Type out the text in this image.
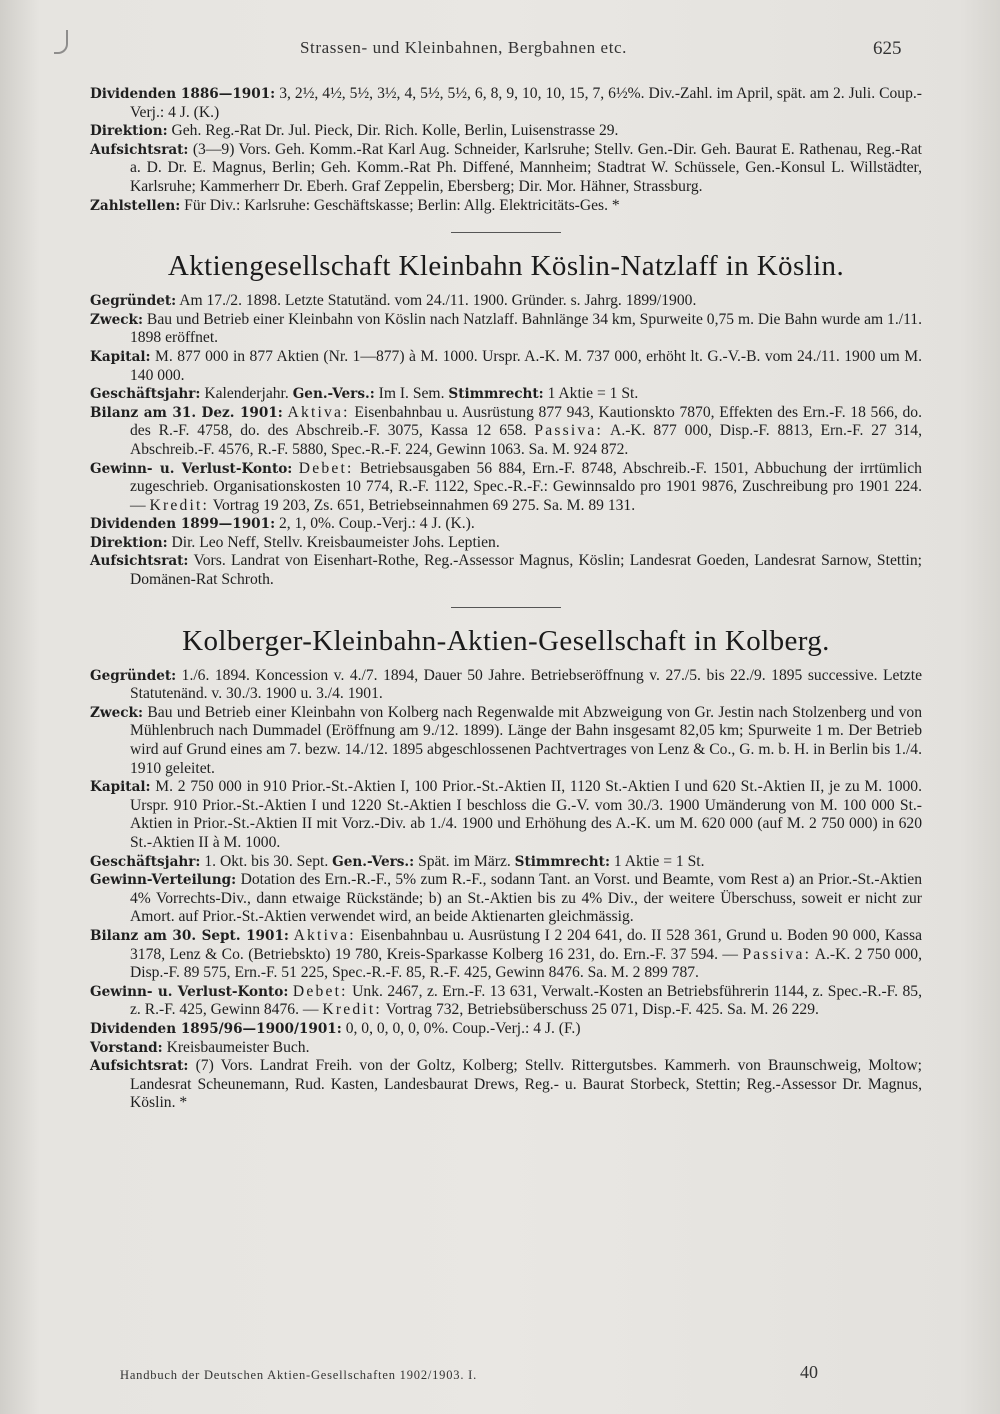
Strassen- und Kleinbahnen, Bergbahnen etc.	625

Dividenden 1886—1901: 3, 2½, 4½, 5½, 3½, 4, 5½, 5½, 6, 8, 9, 10, 10, 15, 7, 6½%. Div.-Zahl. im April, spät. am 2. Juli. Coup.-Verj.: 4 J. (K.)

Direktion: Geh. Reg.-Rat Dr. Jul. Pieck, Dir. Rich. Kolle, Berlin, Luisenstrasse 29.

Aufsichtsrat: (3—9) Vors. Geh. Komm.-Rat Karl Aug. Schneider, Karlsruhe; Stellv. Gen.-Dir. Geh. Baurat E. Rathenau, Reg.-Rat a. D. Dr. E. Magnus, Berlin; Geh. Komm.-Rat Ph. Diffené, Mannheim; Stadtrat W. Schüssele, Gen.-Konsul L. Willstädter, Karlsruhe; Kammerherr Dr. Eberh. Graf Zeppelin, Ebersberg; Dir. Mor. Hähner, Strassburg.

Zahlstellen: Für Div.: Karlsruhe: Geschäftskasse; Berlin: Allg. Elektricitäts-Ges. *

Aktiengesellschaft Kleinbahn Köslin-Natzlaff in Köslin.

Gegründet: Am 17./2. 1898. Letzte Statutänd. vom 24./11. 1900. Gründer. s. Jahrg. 1899/1900.

Zweck: Bau und Betrieb einer Kleinbahn von Köslin nach Natzlaff. Bahnlänge 34 km, Spurweite 0,75 m. Die Bahn wurde am 1./11. 1898 eröffnet.

Kapital: M. 877 000 in 877 Aktien (Nr. 1—877) à M. 1000. Urspr. A.-K. M. 737 000, erhöht lt. G.-V.-B. vom 24./11. 1900 um M. 140 000.

Geschäftsjahr: Kalenderjahr. Gen.-Vers.: Im I. Sem. Stimmrecht: 1 Aktie = 1 St.

Bilanz am 31. Dez. 1901: Aktiva: Eisenbahnbau u. Ausrüstung 877 943, Kautionskto 7870, Effekten des Ern.-F. 18 566, do. des R.-F. 4758, do. des Abschreib.-F. 3075, Kassa 12 658. Passiva: A.-K. 877 000, Disp.-F. 8813, Ern.-F. 27 314, Abschreib.-F. 4576, R.-F. 5880, Spec.-R.-F. 224, Gewinn 1063. Sa. M. 924 872.

Gewinn- u. Verlust-Konto: Debet: Betriebsausgaben 56 884, Ern.-F. 8748, Abschreib.-F. 1501, Abbuchung der irrtümlich zugeschrieb. Organisationskosten 10 774, R.-F. 1122, Spec.-R.-F.: Gewinnsaldo pro 1901 9876, Zuschreibung pro 1901 224. — Kredit: Vortrag 19 203, Zs. 651, Betriebseinnahmen 69 275. Sa. M. 89 131.

Dividenden 1899—1901: 2, 1, 0%. Coup.-Verj.: 4 J. (K.).

Direktion: Dir. Leo Neff, Stellv. Kreisbaumeister Johs. Leptien.

Aufsichtsrat: Vors. Landrat von Eisenhart-Rothe, Reg.-Assessor Magnus, Köslin; Landesrat Goeden, Landesrat Sarnow, Stettin; Domänen-Rat Schroth.

Kolberger-Kleinbahn-Aktien-Gesellschaft in Kolberg.

Gegründet: 1./6. 1894. Koncession v. 4./7. 1894, Dauer 50 Jahre. Betriebseröffnung v. 27./5. bis 22./9. 1895 successive. Letzte Statutenänd. v. 30./3. 1900 u. 3./4. 1901.

Zweck: Bau und Betrieb einer Kleinbahn von Kolberg nach Regenwalde mit Abzweigung von Gr. Jestin nach Stolzenberg und von Mühlenbruch nach Dummadel (Eröffnung am 9./12. 1899). Länge der Bahn insgesamt 82,05 km; Spurweite 1 m. Der Betrieb wird auf Grund eines am 7. bezw. 14./12. 1895 abgeschlossenen Pachtvertrages von Lenz & Co., G. m. b. H. in Berlin bis 1./4. 1910 geleitet.

Kapital: M. 2 750 000 in 910 Prior.-St.-Aktien I, 100 Prior.-St.-Aktien II, 1120 St.-Aktien I und 620 St.-Aktien II, je zu M. 1000. Urspr. 910 Prior.-St.-Aktien I und 1220 St.-Aktien I beschloss die G.-V. vom 30./3. 1900 Umänderung von M. 100 000 St.-Aktien in Prior.-St.-Aktien II mit Vorz.-Div. ab 1./4. 1900 und Erhöhung des A.-K. um M. 620 000 (auf M. 2 750 000) in 620 St.-Aktien II à M. 1000.

Geschäftsjahr: 1. Okt. bis 30. Sept. Gen.-Vers.: Spät. im März. Stimmrecht: 1 Aktie = 1 St.

Gewinn-Verteilung: Dotation des Ern.-R.-F., 5% zum R.-F., sodann Tant. an Vorst. und Beamte, vom Rest a) an Prior.-St.-Aktien 4% Vorrechts-Div., dann etwaige Rückstände; b) an St.-Aktien bis zu 4% Div., der weitere Überschuss, soweit er nicht zur Amort. auf Prior.-St.-Aktien verwendet wird, an beide Aktienarten gleichmässig.

Bilanz am 30. Sept. 1901: Aktiva: Eisenbahnbau u. Ausrüstung I 2 204 641, do. II 528 361, Grund u. Boden 90 000, Kassa 3178, Lenz & Co. (Betriebskto) 19 780, Kreis-Sparkasse Kolberg 16 231, do. Ern.-F. 37 594. — Passiva: A.-K. 2 750 000, Disp.-F. 89 575, Ern.-F. 51 225, Spec.-R.-F. 85, R.-F. 425, Gewinn 8476. Sa. M. 2 899 787.

Gewinn- u. Verlust-Konto: Debet: Unk. 2467, z. Ern.-F. 13 631, Verwalt.-Kosten an Betriebsführerin 1144, z. Spec.-R.-F. 85, z. R.-F. 425, Gewinn 8476. — Kredit: Vortrag 732, Betriebsüberschuss 25 071, Disp.-F. 425. Sa. M. 26 229.

Dividenden 1895/96—1900/1901: 0, 0, 0, 0, 0, 0%. Coup.-Verj.: 4 J. (F.)

Vorstand: Kreisbaumeister Buch.

Aufsichtsrat: (7) Vors. Landrat Freih. von der Goltz, Kolberg; Stellv. Rittergutsbes. Kammerh. von Braunschweig, Moltow; Landesrat Scheunemann, Rud. Kasten, Landesbaurat Drews, Reg.- u. Baurat Storbeck, Stettin; Reg.-Assessor Dr. Magnus, Köslin. *

Handbuch der Deutschen Aktien-Gesellschaften 1902/1903. I.	40
